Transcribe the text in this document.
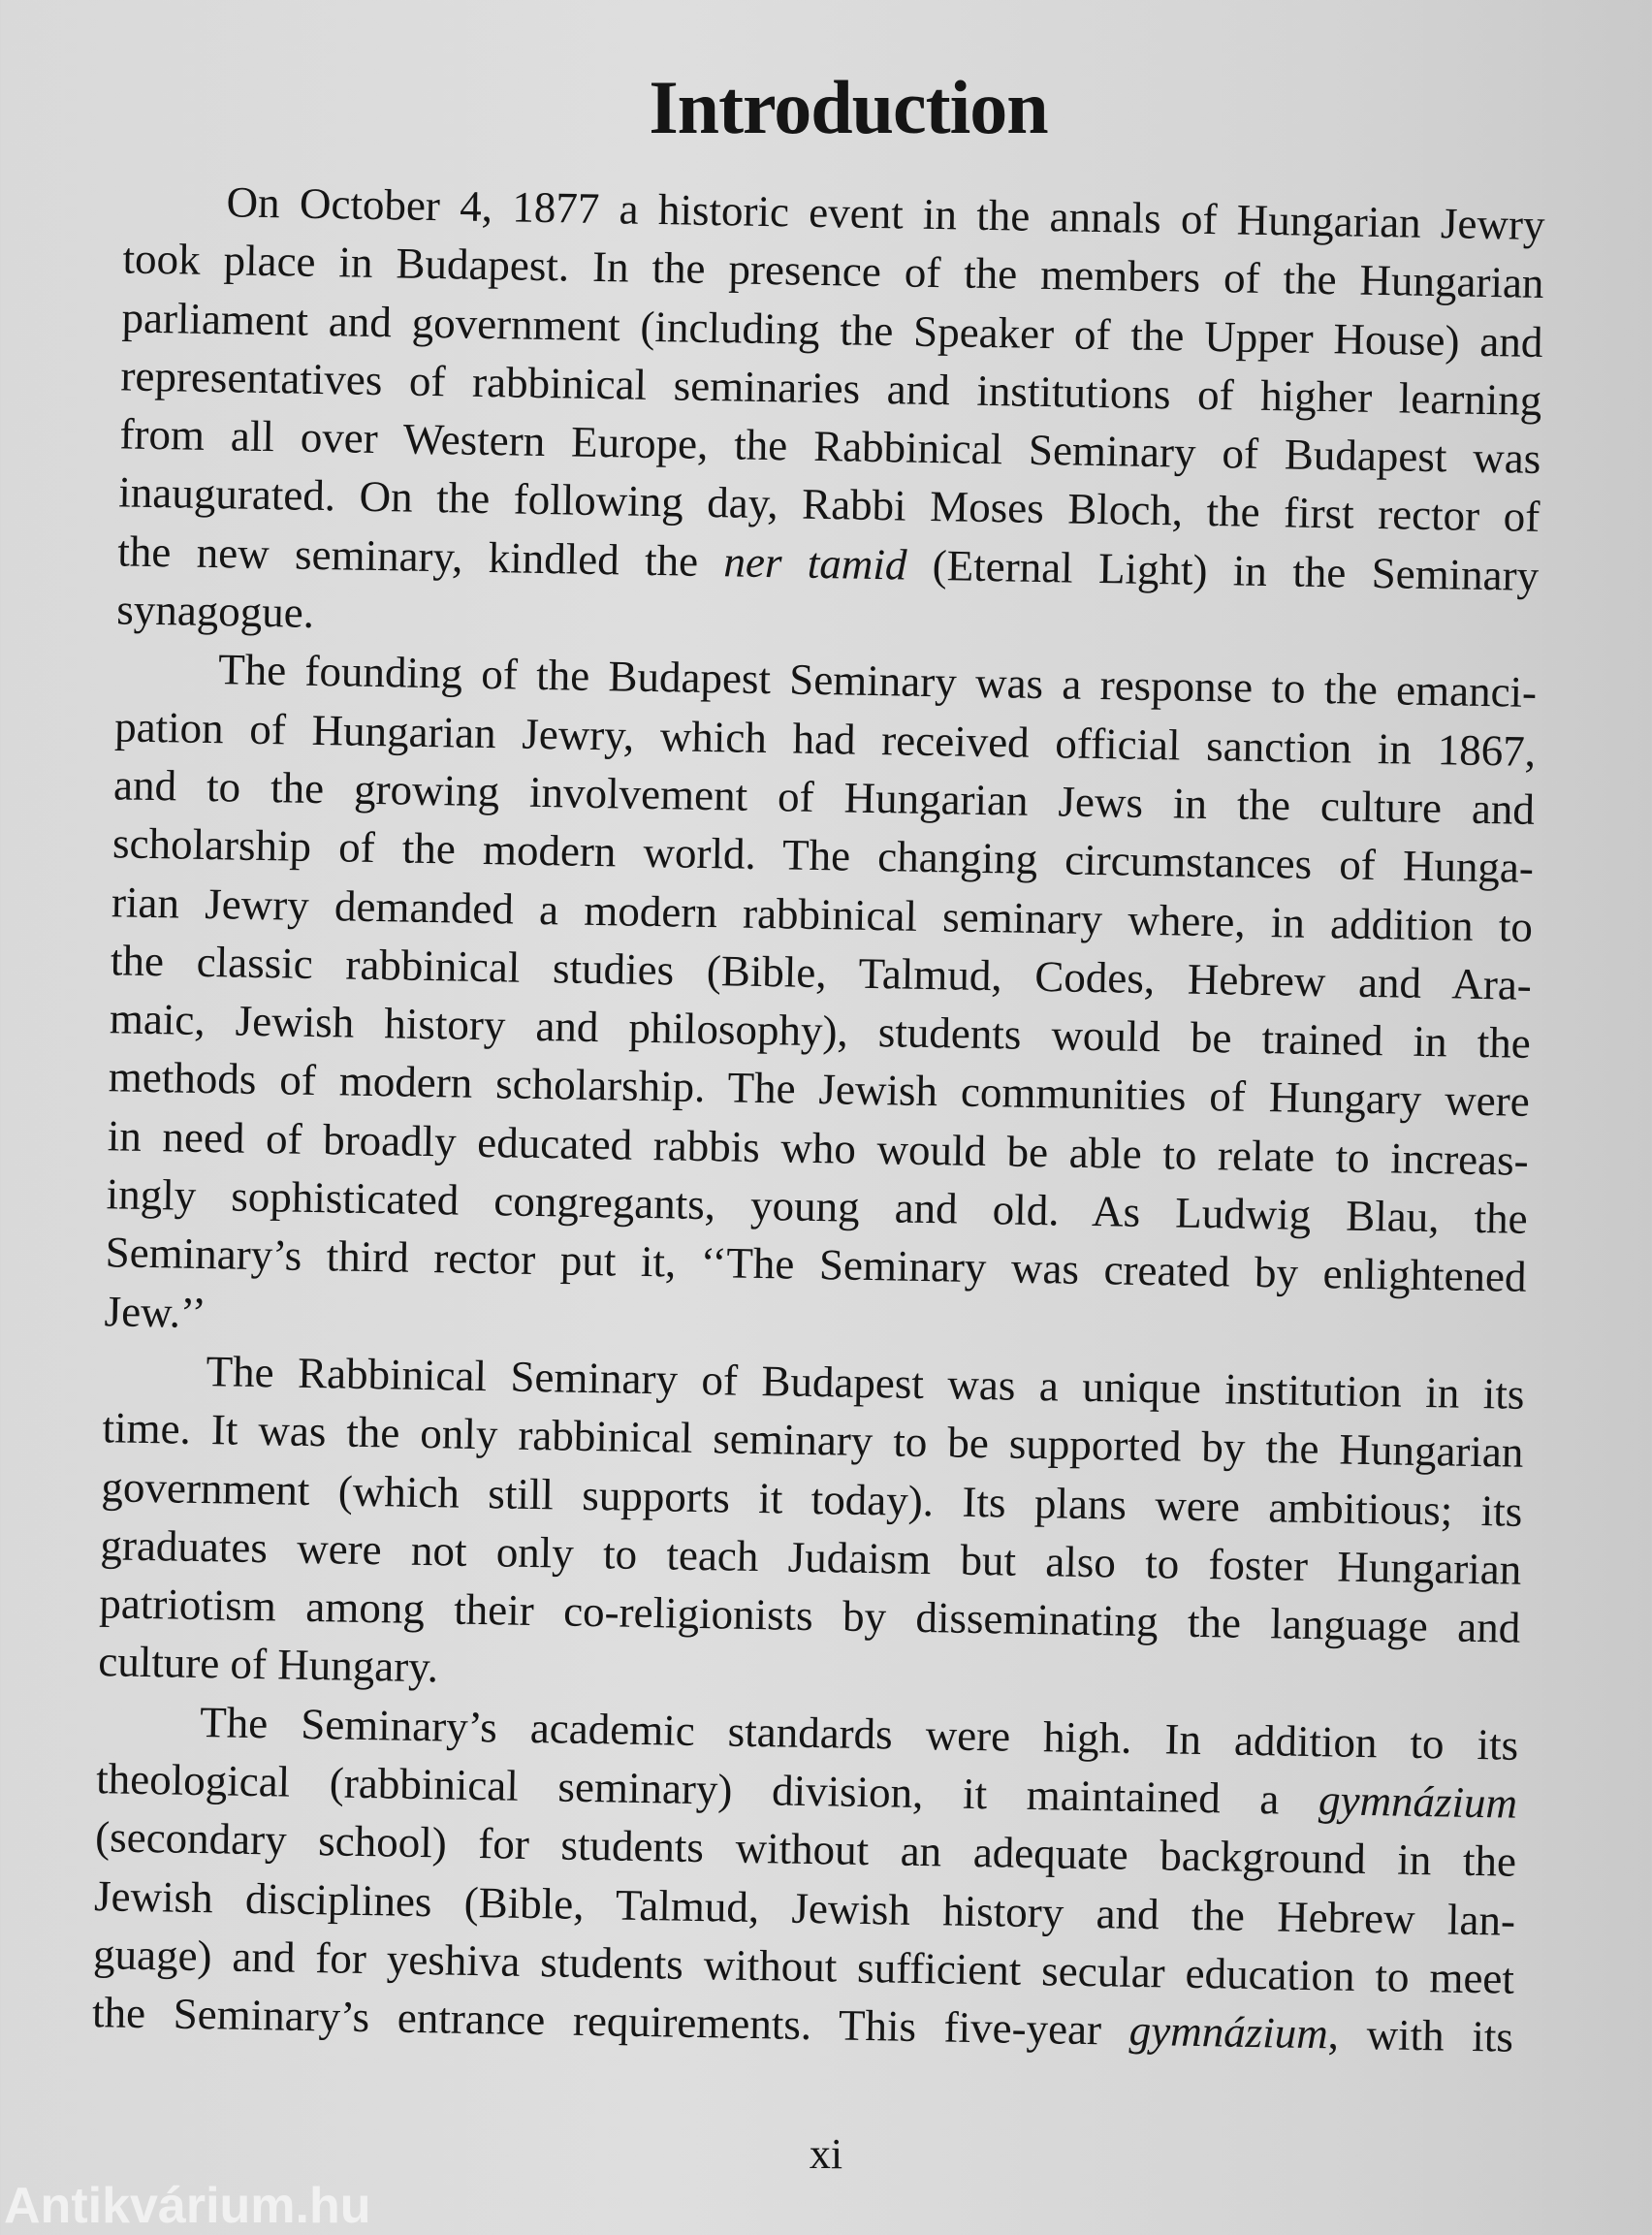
Introduction
On October 4, 1877 a historic event in the annals of Hungarian Jewry
took place in Budapest. In the presence of the members of the Hungarian
parliament and government (including the Speaker of the Upper House) and
representatives of rabbinical seminaries and institutions of higher learning
from all over Western Europe, the Rabbinical Seminary of Budapest was
inaugurated. On the following day, Rabbi Moses Bloch, the first rector of
the new seminary, kindled the ner tamid (Eternal Light) in the Seminary
synagogue.
The founding of the Budapest Seminary was a response to the emanci-
pation of Hungarian Jewry, which had received official sanction in 1867,
and to the growing involvement of Hungarian Jews in the culture and
scholarship of the modern world. The changing circumstances of Hunga-
rian Jewry demanded a modern rabbinical seminary where, in addition to
the classic rabbinical studies (Bible, Talmud, Codes, Hebrew and Ara-
maic, Jewish history and philosophy), students would be trained in the
methods of modern scholarship. The Jewish communities of Hungary were
in need of broadly educated rabbis who would be able to relate to increas-
ingly sophisticated congregants, young and old. As Ludwig Blau, the
Seminary’s third rector put it, ‘‘The Seminary was created by enlightened
Jew.’’
The Rabbinical Seminary of Budapest was a unique institution in its
time. It was the only rabbinical seminary to be supported by the Hungarian
government (which still supports it today). Its plans were ambitious; its
graduates were not only to teach Judaism but also to foster Hungarian
patriotism among their co-religionists by disseminating the language and
culture of Hungary.
The Seminary’s academic standards were high. In addition to its
theological (rabbinical seminary) division, it maintained a gymnázium
(secondary school) for students without an adequate background in the
Jewish disciplines (Bible, Talmud, Jewish history and the Hebrew lan-
guage) and for yeshiva students without sufficient secular education to meet
the Seminary’s entrance requirements. This five-year gymnázium, with its
xi
Antikvárium.hu
